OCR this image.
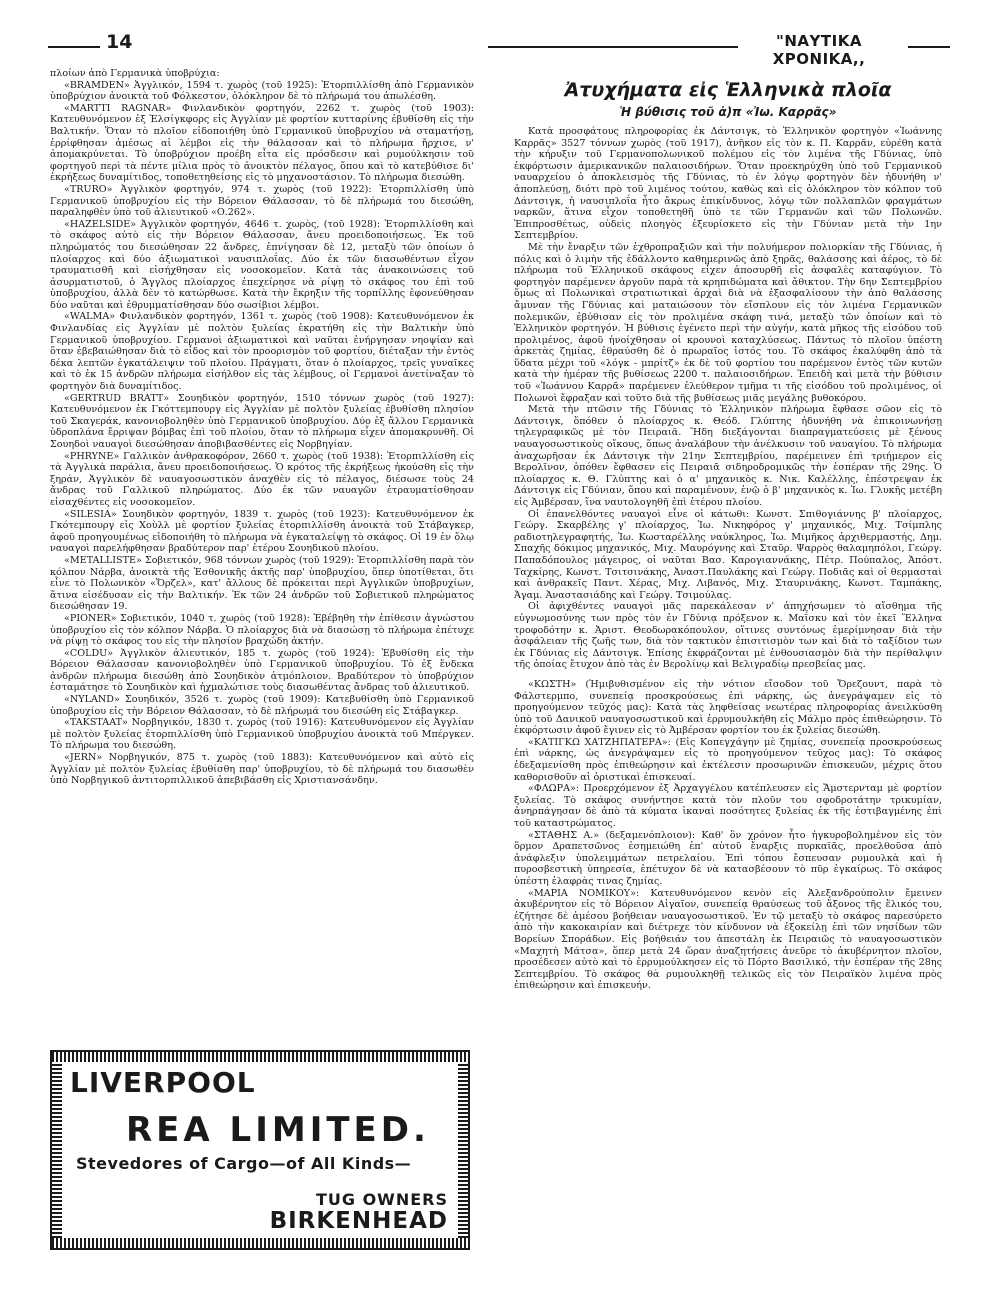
14	"ΝΑΥΤΙΚΑ ΧΡΟΝΙΚΑ,,

πλοίων ἀπὸ Γερμανικὰ ὑποβρύχια:

«BRAMDEN» Ἀγγλικόν, 1594 τ. χωρὸς (τοῦ 1925): Ἐτορπιλλίσθη ἀπὸ Γερμανικὸν ὑποβρύχιον ἀνοικτὰ τοῦ Φόλκεστον, ὁλόκληρον δὲ τὸ πλήρωμά του ἀπωλέσθη.

«MARTTI RAGNAR» Φινλανδικὸν φορτηγόν, 2262 τ. χωρὸς (τοῦ 1903): Κατευθυνόμενον ἐξ Ἐλσίγκφορς εἰς Ἀγγλίαν μὲ φορτίον κυτταρίνης ἐβυθίσθη εἰς τὴν Βαλτικήν. Ὅταν τὸ πλοῖον εἰδοποιήθη ὑπὸ Γερμανικοῦ ὑποβρυχίου νὰ σταματήσῃ, ἐρρίφθησαν ἀμέσως αἱ λέμβοι εἰς τὴν θάλασσαν καὶ τὸ πλήρωμα ἤρχισε, ν' ἀπομακρύνεται. Τὸ ὑποβρύχιον προέβη εἶτα εἰς πρόσδεσιν καὶ ρυμούλκησιν τοῦ φορτηγοῦ περὶ τὰ πέντε μίλια πρὸς τὸ ἀνοικτὸν πέλαγος, ὅπου καὶ τὸ κατεβύθισε δι' ἐκρήξεως δυναμίτιδος, τοποθετηθείσης εἰς τὸ μηχανοστάσιον. Τὸ πλήρωμα διεσώθη.

«TRURO» Ἀγγλικὸν φορτηγόν, 974 τ. χωρὸς (τοῦ 1922): Ἐτορπιλλίσθη ὑπὸ Γερμανικοῦ ὑποβρυχίου εἰς τὴν Βόρειον Θάλασσαν, τὸ δὲ πλήρωμά του διεσώθη, παραληφθὲν ὑπὸ τοῦ ἁλιευτικοῦ «Ο.262».

«HAZELSIDE» Ἀγγλικὸν φορτηγόν, 4646 τ. χωρὸς, (τοῦ 1928): Ἐτορπιλλίσθη καὶ τὸ σκάφος αὐτὸ εἰς τὴν Βόρειον Θάλασσαν, ἄνευ προειδοποιήσεως. Ἐκ τοῦ πληρώματός του διεσώθησαν 22 ἄνδρες, ἐπνίγησαν δὲ 12, μεταξὺ τῶν ὁποίων ὁ πλοίαρχος καὶ δύο ἀξιωματικοὶ ναυσιπλοΐας. Δύο ἐκ τῶν διασωθέντων εἶχον τραυματισθῆ καὶ εἰσήχθησαν εἰς νοσοκομεῖον. Κατὰ τὰς ἀνακοινώσεις τοῦ ἀσυρματιστοῦ, ὁ Ἄγγλος πλοίαρχος ἐπεχείρησε νὰ ρίψῃ τὸ σκάφος του ἐπὶ τοῦ ὑποβρυχίου, ἀλλὰ δὲν τὸ κατώρθωσε. Κατὰ τὴν ἔκρηξιν τῆς τορπίλλης ἐφονεύθησαν δύο ναῦται καὶ ἐθρυμματίσθησαν δύο σωσίβιοι λέμβοι.

«WALMA» Φινλανδικὸν φορτηγόν, 1361 τ. χωρὸς (τοῦ 1908): Κατευθυνόμενον ἐκ Φινλανδίας εἰς Ἀγγλίαν μὲ πολτὸν ξυλείας ἐκρατήθη εἰς τὴν Βαλτικὴν ὑπὸ Γερμανικοῦ ὑποβρυχίου. Γερμανοὶ ἀξιωματικοὶ καὶ ναῦται ἐνήργησαν νηοψίαν καὶ ὅταν ἐβεβαιώθησαν διὰ τὸ εἶδος καὶ τὸν προορισμὸν τοῦ φορτίου, διέταξαν τὴν ἐντὸς δέκα λεπτῶν ἐγκατάλειψιν τοῦ πλοίου. Πράγματι, ὅταν ὁ πλοίαρχος, τρεῖς γυναῖκες καὶ τὸ ἐκ 15 ἀνδρῶν πλήρωμα εἰσήλθον εἰς τὰς λέμβους, οἱ Γερμανοὶ ἀνετίναξαν τὸ φορτηγὸν διὰ δυναμίτιδος.

«GERTRUD BRATT» Σουηδικὸν φορτηγόν, 1510 τόννων χωρὸς (τοῦ 1927): Κατευθυνόμενον ἐκ Γκόττεμπουργ εἰς Ἀγγλίαν μὲ πολτὸν ξυλείας ἐβυθίσθη πλησίον τοῦ Σκαγεράκ, κανονιοβοληθὲν ὑπὸ Γερμανικοῦ ὑποβρυχίου. Δύο ἐξ ἄλλου Γερμανικὰ ὑδροπλάνα ἔρριψαν βόμβας ἐπὶ τοῦ πλοίου, ὅταν τὸ πλήρωμα εἶχεν ἀπομακρυνθῆ. Οἱ Σουηδοὶ ναυαγοὶ διεσώθησαν ἀποβιβασθέντες εἰς Νορβηγίαν.

«PHRYNE» Γαλλικὸν ἀνθρακοφόρον, 2660 τ. χωρὸς (τοῦ 1938): Ἐτορπιλλίσθη εἰς τὰ Ἀγγλικὰ παράλια, ἄνευ προειδοποιήσεως. Ὁ κρότος τῆς ἐκρήξεως ἠκούσθη εἰς τὴν ξηράν, Ἀγγλικὸν δὲ ναυαγοσωστικὸν ἀναχθὲν εἰς τὸ πέλαγος, διέσωσε τοὺς 24 ἄνδρας τοῦ Γαλλικοῦ πληρώματος. Δύο ἐκ τῶν ναυαγῶν ἐτραυματίσθησαν εἰσαχθέντες εἰς νοσοκομεῖον.

«SILESIA» Σουηδικὸν φορτηγόν, 1839 τ. χωρὸς (τοῦ 1923): Κατευθυνόμενον ἐκ Γκότεμπουργ εἰς Χοὺλλ μὲ φορτίον ξυλείας ἐτορπιλλίσθη ἀνοικτὰ τοῦ Στάβαγκερ, ἀφοῦ προηγουμένως εἰδοποιήθη τὸ πλήρωμα νὰ ἐγκαταλείψῃ τὸ σκάφος. Οἱ 19 ἐν ὅλῳ ναυαγοὶ παρελήφθησαν βραδύτερον παρ' ἑτέρου Σουηδικοῦ πλοίου.

«METALLISTE» Σοβιετικόν, 968 τόννων χωρὸς (τοῦ 1929): Ἐτορπιλλίσθη παρὰ τὸν κόλπον Νάρβα, ἀνοικτὰ τῆς Ἐσθονικῆς ἀκτῆς παρ' ὑποβρυχίου, ὅπερ ὑποτίθεται, ὅτι εἶνε τὸ Πολωνικὸν «Ὄρζελ», κατ' ἄλλους δὲ πρόκειται περὶ Ἀγγλικῶν ὑποβρυχίων, ἅτινα εἰσέδυσαν εἰς τὴν Βαλτικήν. Ἐκ τῶν 24 ἀνδρῶν τοῦ Σοβιετικοῦ πληρώματος διεσώθησαν 19.

«PIONER» Σοβιετικόν, 1040 τ. χωρὸς (τοῦ 1928): Ἐβέβηθη τὴν ἐπίθεσιν ἀγνώστου ὑποβρυχίου εἰς τὸν κόλπον Νάρβα. Ὁ πλοίαρχος διὰ νὰ διασώσῃ τὸ πλήρωμα ἐπέτυχε νὰ ρίψῃ τὸ σκάφος του εἰς τὴν πλησίον βραχώδη ἀκτήν.

«COLDU» Ἀγγλικὸν ἁλιευτικόν, 185 τ. χωρὸς (τοῦ 1924): Ἐβυθίσθη εἰς τὴν Βόρειον Θάλασσαν κανονιοβοληθὲν ὑπὸ Γερμανικοῦ ὑποβρυχίου. Τὸ ἐξ ἕνδεκα ἀνδρῶν πλήρωμα διεσώθη ἀπὸ Σουηδικὸν ἀτμόπλοιον. Βραδύτερον τὸ ὑποβρύχιον ἐσταμάτησε τὸ Σουηδικὸν καὶ ἠχμαλώτισε τοὺς διασωθέντας ἄνδρας τοῦ ἁλιευτικοῦ.

«NYLAND» Σουηδικόν, 3526 τ. χωρὸς (τοῦ 1909): Κατεβυθίσθη ὑπὸ Γερμανικοῦ ὑποβρυχίου εἰς τὴν Βόρειον Θάλασσαν, τὸ δὲ πλήρωμά του διεσώθη εἰς Στάβαγκερ.

«TAKSTAAT» Νορβηγικόν, 1830 τ. χωρὸς (τοῦ 1916): Κατευθυνόμενον εἰς Ἀγγλίαν μὲ πολτὸν ξυλείας ἐτορπιλλίσθη ὑπὸ Γερμανικοῦ ὑποβρυχίου ἀνοικτὰ τοῦ Μπέργκεν. Τὸ πλήρωμα του διεσώθη.

«JERN» Νορβηγικόν, 875 τ. χωρὸς (τοῦ 1883): Κατευθυνόμενον καὶ αὐτὸ εἰς Ἀγγλίαν μὲ πολτὸν ξυλείας ἐβυθίσθη παρ' ὑποβρυχίου, τὸ δὲ πλήρωμά του διασωθὲν ὑπὸ Νορβηγικοῦ ἀντιτορπιλλικοῦ ἀπεβιβάσθη εἰς Χριστιανσάνδην.

LIVERPOOL
REA LIMITED.
Stevedores of Cargo—of All Kinds—
TUG OWNERS
BIRKENHEAD
Ἀτυχήματα εἰς Ἑλληνικὰ πλοῖα
Ἡ βύθισις τοῦ ἀ)π «Ἰω. Καρρᾶς»

Κατὰ προσφάτους πληροφορίας ἐκ Δάντσιγκ, τὸ Ἑλληνικὸν φορτηγὸν «Ἰωάννης Καρρᾶς» 3527 τόννων χωρὸς (τοῦ 1917), ἀνῆκον εἰς τὸν κ. Π. Καρρᾶν, εὑρέθη κατὰ τὴν κήρυξιν τοῦ Γερμανοπολωνικοῦ πολέμου εἰς τὸν λιμένα τῆς Γδύνιας, ὑπὸ ἐκφόρτωσιν ἀμερικανικῶν παλαιοσιδήρων. Ὅταν προεκηρύχθη ὑπὸ τοῦ Γερμανικοῦ ναυαρχείου ὁ ἀποκλεισμὸς τῆς Γδύνιας, τὸ ἐν λόγῳ φορτηγὸν δὲν ἠδυνήθη ν' ἀποπλεύσῃ, διότι πρὸ τοῦ λιμένος τούτου, καθὼς καὶ εἰς ὁλόκληρον τὸν κόλπον τοῦ Δάντσιγκ, ἡ ναυσιπλοΐα ἦτο ἄκρως ἐπικίνδυνος, λόγῳ τῶν πολλαπλῶν φραγμάτων ναρκῶν, ἅτινα εἶχον τοποθετηθῆ ὑπὸ τε τῶν Γερμανῶν καὶ τῶν Πολωνῶν. Ἐπιπροσθέτως, οὐδεὶς πλοηγὸς ἐξευρίσκετο εἰς τὴν Γδύνιαν μετὰ τὴν 1ην Σεπτεμβρίου.

Μὲ τὴν ἔναρξιν τῶν ἐχθροπραξιῶν καὶ τὴν πολυήμερον πολιορκίαν τῆς Γδύνιας, ἡ πόλις καὶ ὁ λιμὴν τῆς ἐδάλλοντο καθημερινῶς ἀπὸ ξηρᾶς, θαλάσσης καὶ ἀέρος, τὸ δὲ πλήρωμα τοῦ Ἑλληνικοῦ σκάφους εἶχεν ἀποσυρθῆ εἰς ἀσφαλὲς καταφύγιον. Τὸ φορτηγὸν παρέμενεν ἀργοῦν παρὰ τὰ κρηπιδώματα καὶ ἄθικτον. Τὴν 6ην Σεπτεμβρίου ὅμως αἱ Πολωνικαὶ στρατιωτικαὶ ἀρχαὶ διὰ νὰ ἐξασφαλίσουν τὴν ἀπὸ θαλάσσης ἄμυναν τῆς Γδύνιας καὶ ματαιώσουν τὸν εἴσπλουν εἰς τὸν λιμένα Γερμανικῶν πολεμικῶν, ἐβύθισαν εἰς τὸν προλιμένα σκάφη τινά, μεταξὺ τῶν ὁποίων καὶ τὸ Ἑλληνικὸν φορτηγόν. Ἡ βύθισις ἐγένετο περὶ τὴν αὐγήν, κατὰ μῆκος τῆς εἰσόδου τοῦ προλιμένος, ἀφοῦ ἠνοίχθησαν οἱ κρουνοὶ καταχλύσεως. Πάντως τὸ πλοῖον ὑπέστη ἀρκετὰς ζημίας, ἐθραύσθη δὲ ὁ πρωραῖος ἱστός του. Τὸ σκάφος ἐκαλύφθη ἀπὸ τὰ ὕδατα μέχρι τοῦ «λόγκ - μπρίτζ» ἐκ δὲ τοῦ φορτίου του παρέμενον ἐντὸς τῶν κυτῶν κατὰ τὴν ἡμέραν τῆς βυθίσεως 2200 τ. παλαιοσιδήρων. Ἐπειδὴ καὶ μετὰ τὴν βύθισιν τοῦ «Ἰωάννου Καρρᾶ» παρέμενεν ἐλεύθερον τμῆμα τι τῆς εἰσόδου τοῦ προλιμένος, οἱ Πολωνοὶ ἔφραξαν καὶ τοῦτο διὰ τῆς βυθίσεως μιᾶς μεγάλης βυθοκόρου.

Μετὰ τὴν πτῶσιν τῆς Γδύνιας τὸ Ἑλληνικὸν πλήρωμα ἔφθασε σῶον εἰς τὸ Δάντσιγκ, ὅπόθεν ὁ πλοίαρχος κ. Θεόδ. Γλύπτης ἠδυνήθη νὰ ἐπικοινωνήσῃ τηλεγραφικῶς μὲ τὸν Πειραιᾶ. Ἤδη διεξάγονται διαπραγματεύσεις μὲ ξένους ναυαγοσωστικοὺς οἴκους, ὅπως ἀναλάβουν τὴν ἀνέλκυσιν τοῦ ναυαγίου. Τὸ πλήρωμα ἀναχωρῆσαν ἐκ Δάντσιγκ τὴν 21ην Σεπτεμβρίου, παρέμεινεν ἐπὶ τριήμερον εἰς Βερολῖνον, ὁπόθεν ἔφθασεν εἰς Πειραιᾶ σιδηροδρομικῶς τὴν ἑσπέραν τῆς 29ης. Ὁ πλοίαρχος κ. Θ. Γλύπτης καὶ ὁ α' μηχανικὸς κ. Νικ. Καλέλλης, ἐπέστρεψαν ἐκ Δάντσιγκ εἰς Γδύνιαν, ὅπου καὶ παραμένουν, ἐνῷ ὁ β' μηχανικὸς κ. Ἰω. Γλυκῆς μετέβη εἰς Ἀμβέρσαν, ἵνα ναυτολογηθῆ ἐπὶ ἑτέρου πλοίου.

Οἱ ἐπανελθόντες ναυαγοὶ εἶνε οἱ κάτωθι: Κωνστ. Σπιθογιάννης β' πλοίαρχος, Γεώργ. Σκαρβέλης γ' πλοίαρχος, Ἰω. Νικηφόρος γ' μηχανικός, Μιχ. Τσίμπλης ραδιοτηλεγραφητής, Ἰω. Κωσταρέλλης ναύκληρος, Ἰω. Μιμῆκος ἀρχιθερμαστής, Δημ. Σπαχῆς δόκιμος μηχανικός, Μιχ. Μαυρόγνης καὶ Σταῦρ. Ψαρρὸς θαλαμηπόλοι, Γεώργ. Παπαδόπουλος μάγειρος, οἱ ναῦται Βασ. Καρογιαννάκης, Πέτρ. Πούπαλος, Ἀπόστ. Ταχκίρης, Κωνστ. Τσιτσινάκης, Ἀναστ.Παυλάκης καὶ Γεώργ. Ποδιᾶς καὶ οἱ θερμασταὶ καὶ ἀνθρακεῖς Παντ. Χέρας, Μιχ. Λιβανός, Μιχ. Σταυρινάκης, Κωνστ. Ταμπάκης, Ἀγαμ. Ἀναστασιάδης καὶ Γεώργ. Τσιμούλας.

Οἱ ἀφιχθέντες ναυαγοὶ μᾶς παρεκάλεσαν ν' ἀπηχήσωμεν τὸ αἴσθημα τῆς εὐγνωμοσύνης των πρὸς τὸν ἐν Γδύνιᾳ πρόξενον κ. Μαΐσκυ καὶ τὸν ἐκεῖ Ἕλληνα τροφοδότην κ. Ἀριστ. Θεοδωρακόπουλον, οἵτινες συντόνως ἐμερίμνησαν διὰ τὴν ἀσφάλειαν τῆς ζωῆς των, διὰ τὸν τακτικὸν ἐπισιτισμὸν των καὶ διὰ τὸ ταξίδιον των ἐκ Γδύνιας εἰς Δάντσιγκ. Ἐπίσης ἐκφράζονται μὲ ἐνθουσιασμὸν διὰ τὴν περίθαλψιν τῆς ὁποίας ἔτυχον ἀπὸ τὰς ἐν Βερολίνῳ καὶ Βελιγραδίῳ πρεσβείας μας.

«ΚΩΣΤΗ» (Ἠμιβυθισμένον εἰς τὴν νότιον εἴσοδον τοῦ Ὄρεζουντ, παρὰ τὸ Φάλστερμπο, συνεπείᾳ προσκρούσεως ἐπὶ νάρκης, ὡς ἀνεγράψαμεν εἰς τὸ προηγούμενον τεῦχός μας): Κατὰ τὰς ληφθείσας νεωτέρας πληροφορίας ἀνειλκύσθη ὑπὸ τοῦ Δανικοῦ ναυαγοσωστικοῦ καὶ ἐρρυμουλκήθη εἰς Μάλμο πρὸς ἐπιθεώρησιν. Τὸ ἐκφόρτωσιν ἀφοῦ ἔγινεν εἰς τὸ Ἀμβέρσαν φορτίον του ἐκ ξυλείας διεσώθη.

«ΚΑΤΙΓΚΩ ΧΑΤΖΗΠΑΤΕΡΑ»: (Εἰς Κοπεγχάγην μὲ ζημίας, συνεπείᾳ προσκρούσεως ἐπὶ νάρκης, ὡς ἀνεγράψαμεν εἰς τὸ προηγούμενον τεῦχος μας): Τὸ σκάφος ἐδεξαμενίσθη πρὸς ἐπιθεώρησιν καὶ ἐκτέλεσιν προσωρινῶν ἐπισκευῶν, μέχρις ὅτου καθορισθοῦν αἱ ὁριστικαὶ ἐπισκευαί.

«ΦΛΩΡΑ»: Προερχόμενον ἐξ Ἀρχαγγέλου κατέπλευσεν εἰς Ἄμστερνταμ μὲ φορτίον ξυλείας. Τὸ σκάφος συνήντησε κατὰ τὸν πλοῦν του σφοδροτάτην τρικυμίαν, ἀνηρπάγησαν δὲ ἀπὸ τὰ κύματα ἱκαναὶ ποσότητες ξυλείας ἐκ τῆς ἐστιβαγμένης ἐπὶ τοῦ καταστρώματος.

«ΣΤΑΘΗΣ Α.» (δεξαμενόπλοιον): Καθ' ὃν χρόνον ἦτο ἠγκυροβολημένον εἰς τὸν ὅρμον Δραπετσῶνος ἐσημειώθη ἐπ' αὐτοῦ ἔναρξις πυρκαϊᾶς, προελθοῦσα ἀπὸ ἀνάφλεξιν ὑπολειμμάτων πετρελαίου. Ἐπὶ τόπου ἔσπευσαν ρυμουλκὰ καὶ ἡ πυροσβεστικὴ ὑπηρεσία, ἐπέτυχον δὲ νὰ κατασβέσουν τὸ πῦρ ἐγκαίρως. Τὸ σκάφος ὑπέστη ἐλαφρὰς τινας ζημίας.

«ΜΑΡΙΑ ΝΟΜΙΚΟΥ»: Κατευθυνόμενον κενὸν εἰς Ἀλεξανδρούπολιν ἔμεινεν ἀκυβέρνητον εἰς τὸ Βόρειον Αἰγαῖον, συνεπείᾳ θραύσεως τοῦ ἄξονος τῆς ἕλικός του, ἐζήτησε δὲ ἀμέσου βοήθειαν ναυαγοσωστικοῦ. Ἐν τῷ μεταξὺ τὸ σκάφος παρεσύρετο ἀπὸ τὴν κακοκαιρίαν καὶ διέτρεχε τὸν κίνδυνον νὰ ἐξοκείλῃ ἐπὶ τῶν νησίδων τῶν Βορείων Σποράδων. Εἰς βοήθειάν του ἀπεστάλη ἐκ Πειραιῶς τὸ ναυαγοσωστικὸν «Μαχητὴ Μάτσα», ὅπερ μετὰ 24 ὥραν ἀναζητήσεις ἀνεῦρε τὸ ἀκυβέρνητον πλοῖον, προσέδεσεν αὐτὸ καὶ τὸ ἐρρυμούλκησεν εἰς τὸ Πόρτο Βασιλικό, τὴν ἑσπέραν τῆς 28ης Σεπτεμβρίου. Τὸ σκάφος θὰ ρυμουλκηθῇ τελικῶς εἰς τὸν Πειραϊκὸν λιμένα πρὸς ἐπιθεώρησιν καὶ ἐπισκευήν.
